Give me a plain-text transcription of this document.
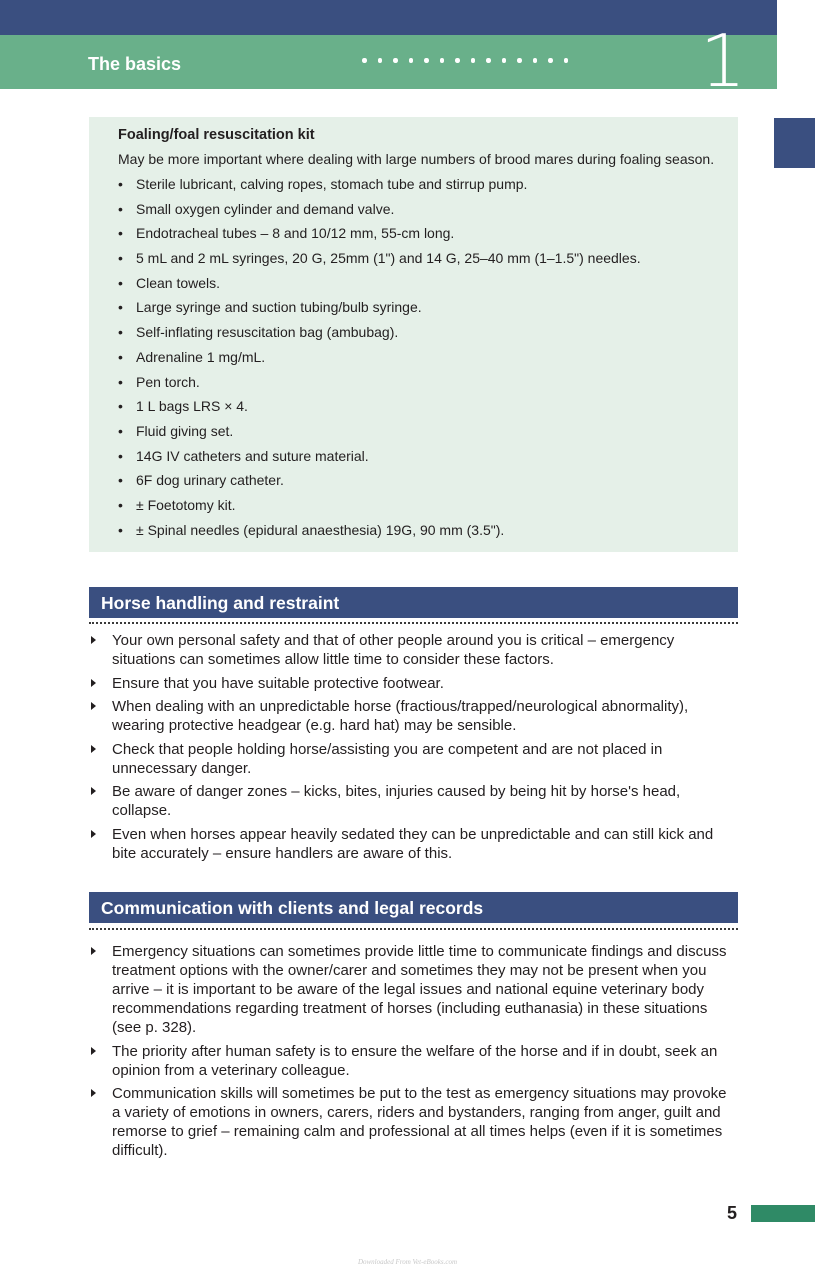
The basics	1
Foaling/foal resuscitation kit
May be more important where dealing with large numbers of brood mares during foaling season.
• Sterile lubricant, calving ropes, stomach tube and stirrup pump.
• Small oxygen cylinder and demand valve.
• Endotracheal tubes – 8 and 10/12 mm, 55-cm long.
• 5 mL and 2 mL syringes, 20 G, 25mm (1") and 14 G, 25–40 mm (1–1.5") needles.
• Clean towels.
• Large syringe and suction tubing/bulb syringe.
• Self-inflating resuscitation bag (ambubag).
• Adrenaline 1 mg/mL.
• Pen torch.
• 1 L bags LRS × 4.
• Fluid giving set.
• 14G IV catheters and suture material.
• 6F dog urinary catheter.
• ± Foetotomy kit.
• ± Spinal needles (epidural anaesthesia) 19G, 90 mm (3.5").
Horse handling and restraint
Your own personal safety and that of other people around you is critical – emergency situations can sometimes allow little time to consider these factors.
Ensure that you have suitable protective footwear.
When dealing with an unpredictable horse (fractious/trapped/neurological abnormality), wearing protective headgear (e.g. hard hat) may be sensible.
Check that people holding horse/assisting you are competent and are not placed in unnecessary danger.
Be aware of danger zones – kicks, bites, injuries caused by being hit by horse's head, collapse.
Even when horses appear heavily sedated they can be unpredictable and can still kick and bite accurately – ensure handlers are aware of this.
Communication with clients and legal records
Emergency situations can sometimes provide little time to communicate findings and discuss treatment options with the owner/carer and sometimes they may not be present when you arrive – it is important to be aware of the legal issues and national equine veterinary body recommendations regarding treatment of horses (including euthanasia) in these situations (see p. 328).
The priority after human safety is to ensure the welfare of the horse and if in doubt, seek an opinion from a veterinary colleague.
Communication skills will sometimes be put to the test as emergency situations may provoke a variety of emotions in owners, carers, riders and bystanders, ranging from anger, guilt and remorse to grief – remaining calm and professional at all times helps (even if it is sometimes difficult).
5
Downloaded From Vet-eBooks.com
